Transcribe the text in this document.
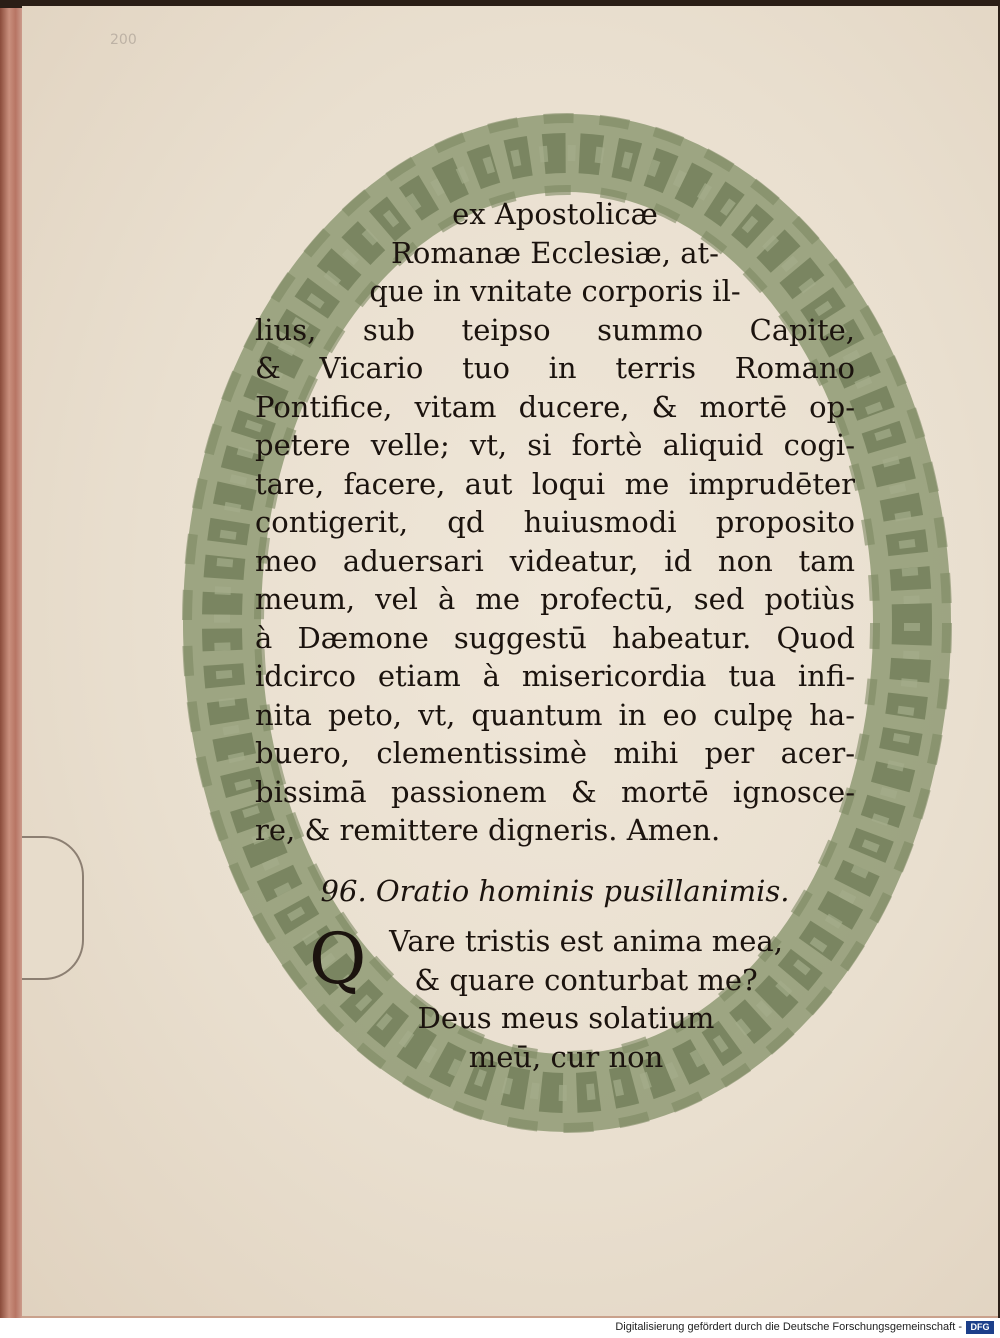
200
ex Apostolicæ
Romanæ Ecclesiæ, at-
que in vnitate corporis il-
lius, sub teipso summo Capite,
& Vicario tuo in terris Romano
Pontifice, vitam ducere, & mortē op-
petere velle; vt, si fortè aliquid cogi-
tare, facere, aut loqui me imprudēter
contigerit, qd huiusmodi proposito
meo aduersari videatur, id non tam
meum, vel à me profectū, sed potiùs
à Dæmone suggestū habeatur. Quod
idcirco etiam à misericordia tua infi-
nita peto, vt, quantum in eo culpę ha-
buero, clementissimè mihi per acer-
bissimā passionem & mortē ignosce-
re, & remittere digneris. Amen.
96. Oratio hominis pusillanimis.
Q Vare tristis est anima mea,
& quare conturbat me?
Deus meus solatium
meū, cur non
Digitalisierung gefördert durch die Deutsche Forschungsgemeinschaft - DFG
